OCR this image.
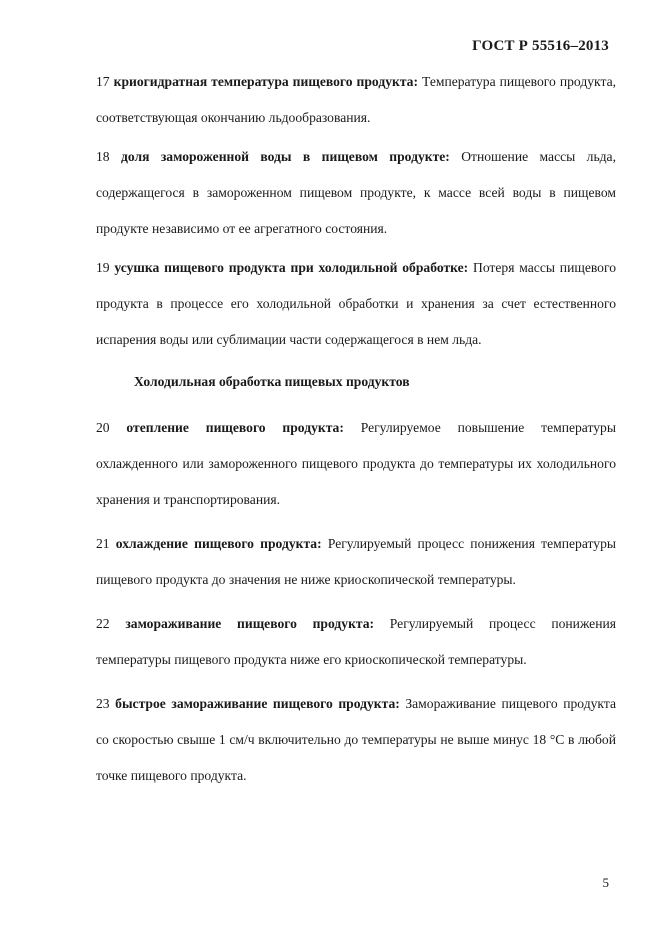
ГОСТ Р 55516–2013

17 криогидратная температура пищевого продукта: Температура пищевого продукта, соответствующая окончанию льдообразования.

18 доля замороженной воды в пищевом продукте: Отношение массы льда, содержащегося в замороженном пищевом продукте, к массе всей воды в пищевом продукте независимо от ее агрегатного состояния.

19 усушка пищевого продукта при холодильной обработке: Потеря массы пищевого продукта в процессе его холодильной обработки и хранения за счет естественного испарения воды или сублимации части содержащегося в нем льда.

Холодильная обработка пищевых продуктов

20 отепление пищевого продукта: Регулируемое повышение температуры охлажденного или замороженного пищевого продукта до температуры их холодильного хранения и транспортирования.

21 охлаждение пищевого продукта: Регулируемый процесс понижения температуры пищевого продукта до значения не ниже криоскопической температуры.

22 замораживание пищевого продукта: Регулируемый процесс понижения температуры пищевого продукта ниже его криоскопической температуры.

23 быстрое замораживание пищевого продукта: Замораживание пищевого продукта со скоростью свыше 1 см/ч включительно до температуры не выше минус 18 °С в любой точке пищевого продукта.

5
